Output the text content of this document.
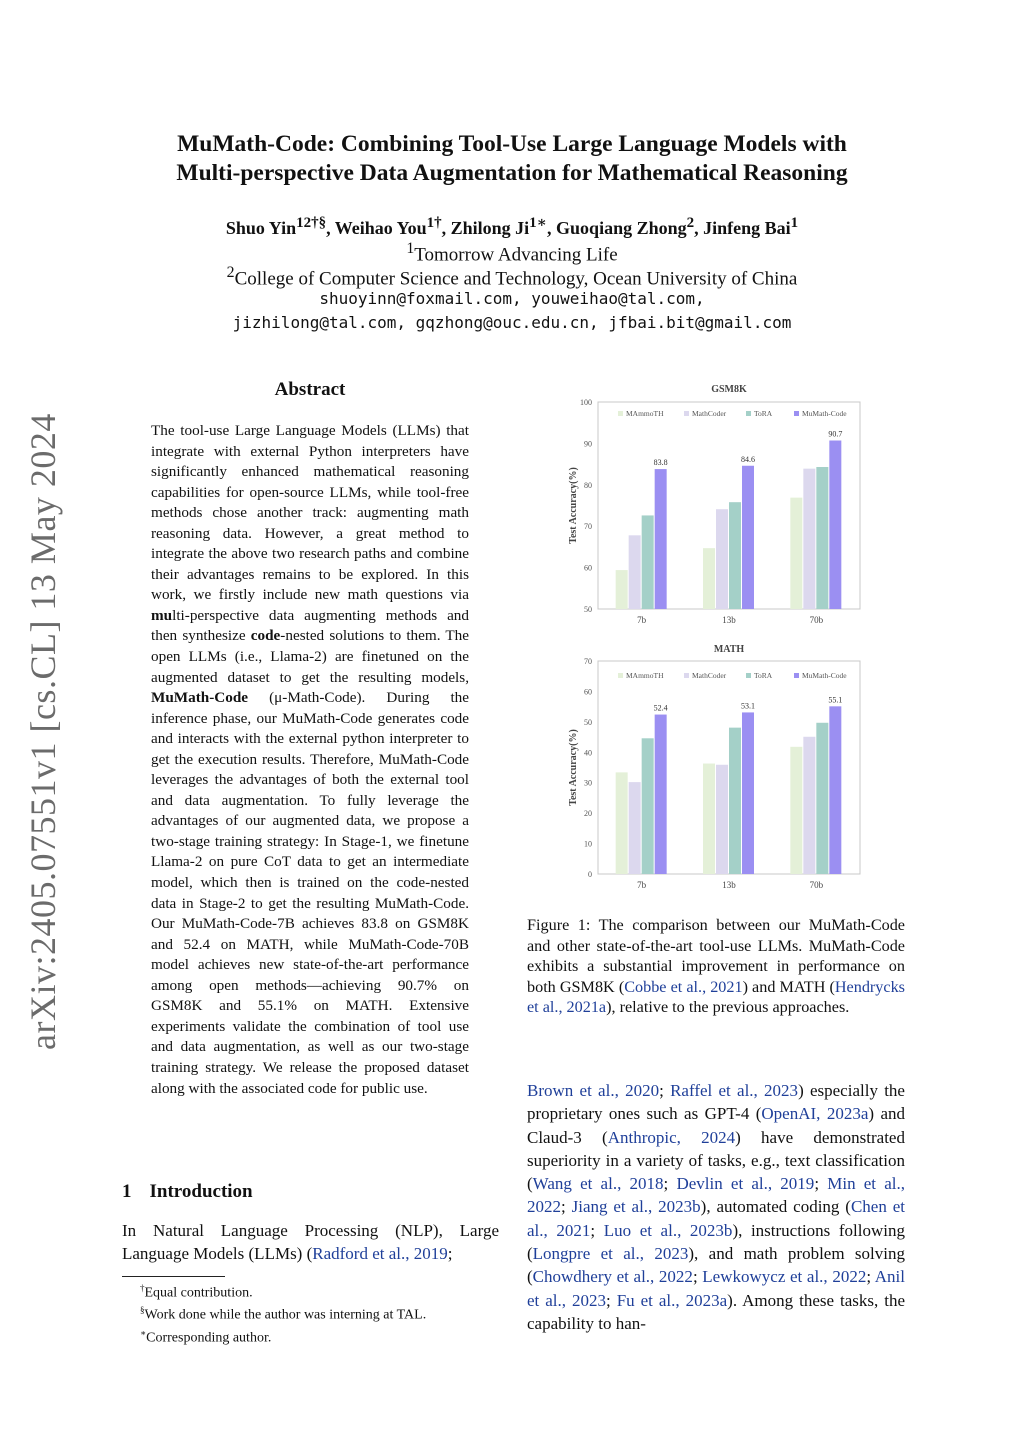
MuMath-Code: Combining Tool-Use Large Language Models with
Multi-perspective Data Augmentation for Mathematical Reasoning
Shuo Yin$^{12\dagger\S}$, Weihao You$^{1\dagger}$, Zhilong $Ji^{1∗}$, Guoqiang Zhong$^2$, Jinfeng Bai$^1$
$^1$Tomorrow Advancing Life
$^2$College of Computer Science and Technology, Ocean University of China
shuoyinn@foxmail.com, youweihao@tal.com,
jizhilong@tal.com, gqzhong@ouc.edu.cn, jfbai.bit@gmail.com
arXiv:2405.07551v1 [cs.CL] 13 May 2024
Abstract

The tool-use Large Language Models (LLMs) that integrate with external Python interpreters have significantly enhanced mathematical reasoning capabilities for open-source LLMs, while tool-free methods chose another track: augmenting math reasoning data. However, a great method to integrate the above two research paths and combine their advantages remains to be explored. In this work, we firstly include new math questions via multi-perspective data augmenting methods and then synthesize code-nested solutions to them. The open LLMs (i.e., Llama-2) are finetuned on the augmented dataset to get the resulting models, MuMath-Code (μ-Math-Code). During the inference phase, our MuMath-Code generates code and interacts with the external python interpreter to get the execution results. Therefore, MuMath-Code leverages the advantages of both the external tool and data augmentation. To fully leverage the advantages of our augmented data, we propose a two-stage training strategy: In Stage-1, we finetune Llama-2 on pure CoT data to get an intermediate model, which then is trained on the code-nested data in Stage-2 to get the resulting MuMath-Code. Our MuMath-Code-7B achieves 83.8 on GSM8K and 52.4 on MATH, while MuMath-Code-70B model achieves new state-of-the-art performance among open methods—achieving 90.7% on GSM8K and 55.1% on MATH. Extensive experiments validate the combination of tool use and data augmentation, as well as our two-stage training strategy. We release the proposed dataset along with the associated code for public use.

1 Introduction
In Natural Language Processing (NLP), Large Language Models (LLMs) (Radford et al., 2019;

†Equal contribution.

§Work done while the author was interning at TAL.

∗Corresponding author.

GSM8K
50
60
70
80
90
100
Test Accuracy(%)
MAmmoTH	MathCoder	ToRA	MuMath-Code
83.8
7b
84.6
13b
90.7
70b
MATH
0
10
20
30
40
50
60
70
Test Accuracy(%)
MAmmoTH	MathCoder	ToRA	MuMath-Code
52.4
7b
53.1
13b
55.1
70b
Figure 1: The comparison between our MuMath-Code and other state-of-the-art tool-use LLMs. MuMath-Code exhibits a substantial improvement in performance on both GSM8K (Cobbe et al., 2021) and MATH (Hendrycks et al., 2021a), relative to the previous approaches.
Brown et al., 2020; Raffel et al., 2023) especially the proprietary ones such as GPT-4 (OpenAI, 2023a) and Claud-3 (Anthropic, 2024) have demonstrated superiority in a variety of tasks, e.g., text classification (Wang et al., 2018; Devlin et al., 2019; Min et al., 2022; Jiang et al., 2023b), automated coding (Chen et al., 2021; Luo et al., 2023b), instructions following (Longpre et al., 2023), and math problem solving (Chowdhery et al., 2022; Lewkowycz et al., 2022; Anil et al., 2023; Fu et al., 2023a). Among these tasks, the capability to han-
